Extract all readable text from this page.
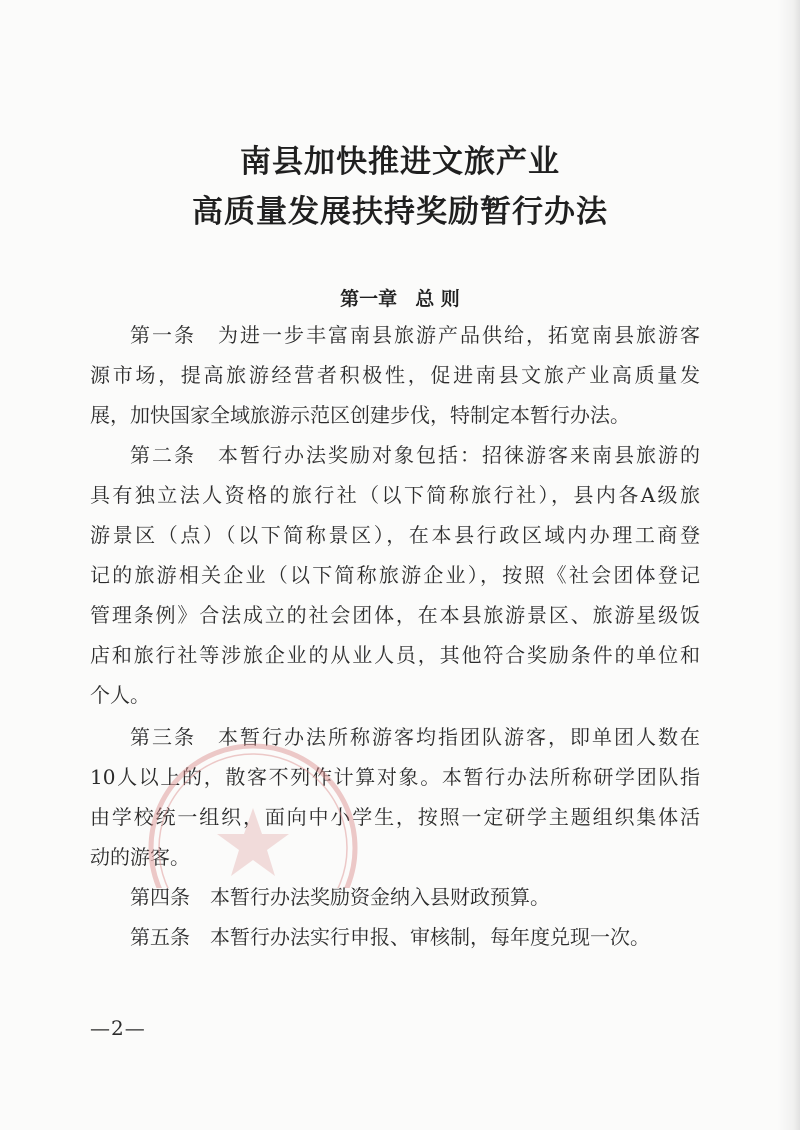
南县加快推进文旅产业
高质量发展扶持奖励暂行办法
第一章 总 则
第一条　为进一步丰富南县旅游产品供给，拓宽南县旅游客
源市场，提高旅游经营者积极性，促进南县文旅产业高质量发
展，加快国家全域旅游示范区创建步伐，特制定本暂行办法。
第二条　本暂行办法奖励对象包括：招徕游客来南县旅游的
具有独立法人资格的旅行社（以下简称旅行社），县内各A级旅
游景区（点）（以下简称景区），在本县行政区域内办理工商登
记的旅游相关企业（以下简称旅游企业），按照《社会团体登记
管理条例》合法成立的社会团体，在本县旅游景区、旅游星级饭
店和旅行社等涉旅企业的从业人员，其他符合奖励条件的单位和
个人。
第三条　本暂行办法所称游客均指团队游客，即单团人数在
10人以上的，散客不列作计算对象。本暂行办法所称研学团队指
由学校统一组织，面向中小学生，按照一定研学主题组织集体活
动的游客。
第四条　本暂行办法奖励资金纳入县财政预算。
第五条　本暂行办法实行申报、审核制，每年度兑现一次。
—2—
